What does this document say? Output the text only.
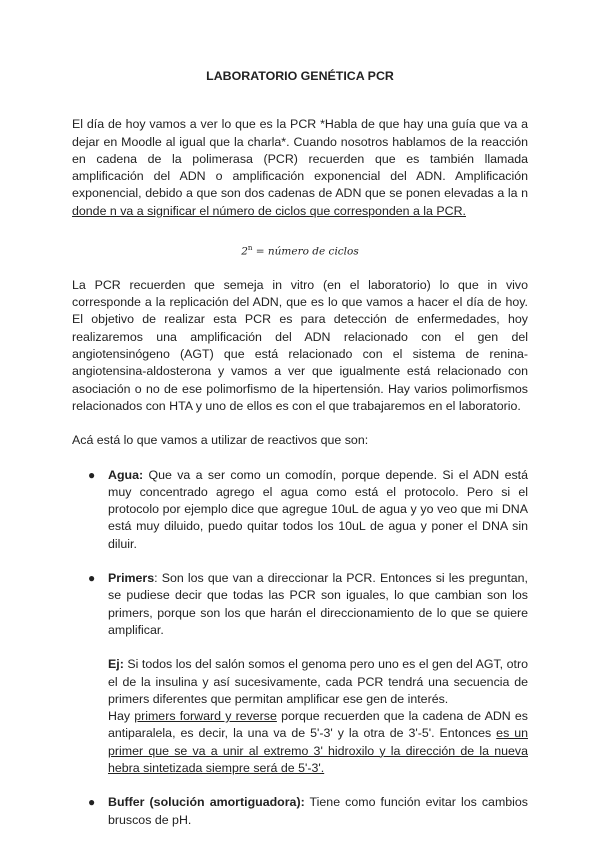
LABORATORIO GENÉTICA PCR

El día de hoy vamos a ver lo que es la PCR *Habla de que hay una guía que va a dejar en Moodle al igual que la charla*. Cuando nosotros hablamos de la reacción en cadena de la polimerasa (PCR) recuerden que es también llamada amplificación del ADN o amplificación exponencial del ADN. Amplificación exponencial, debido a que son dos cadenas de ADN que se ponen elevadas a la n donde n va a significar el número de ciclos que corresponden a la PCR.

$2^n$ = número de ciclos

La PCR recuerden que semeja in vitro (en el laboratorio) lo que in vivo corresponde a la replicación del ADN, que es lo que vamos a hacer el día de hoy. El objetivo de realizar esta PCR es para detección de enfermedades, hoy realizaremos una amplificación del ADN relacionado con el gen del angiotensinógeno (AGT) que está relacionado con el sistema de renina-angiotensina-aldosterona y vamos a ver que igualmente está relacionado con asociación o no de ese polimorfismo de la hipertensión. Hay varios polimorfismos relacionados con HTA y uno de ellos es con el que trabajaremos en el laboratorio.

Acá está lo que vamos a utilizar de reactivos que son:

● Agua: Que va a ser como un comodín, porque depende. Si el ADN está muy concentrado agrego el agua como está el protocolo. Pero si el protocolo por ejemplo dice que agregue 10uL de agua y yo veo que mi DNA está muy diluido, puedo quitar todos los 10uL de agua y poner el DNA sin diluir.

● Primers: Son los que van a direccionar la PCR. Entonces si les preguntan, se pudiese decir que todas las PCR son iguales, lo que cambian son los primers, porque son los que harán el direccionamiento de lo que se quiere amplificar.

Ej: Si todos los del salón somos el genoma pero uno es el gen del AGT, otro el de la insulina y así sucesivamente, cada PCR tendrá una secuencia de primers diferentes que permitan amplificar ese gen de interés.

Hay primers forward y reverse porque recuerden que la cadena de ADN es antiparalela, es decir, la una va de 5'-3' y la otra de 3'-5'. Entonces es un primer que se va a unir al extremo 3' hidroxilo y la dirección de la nueva hebra sintetizada siempre será de 5'-3'.

● Buffer (solución amortiguadora): Tiene como función evitar los cambios bruscos de pH.
